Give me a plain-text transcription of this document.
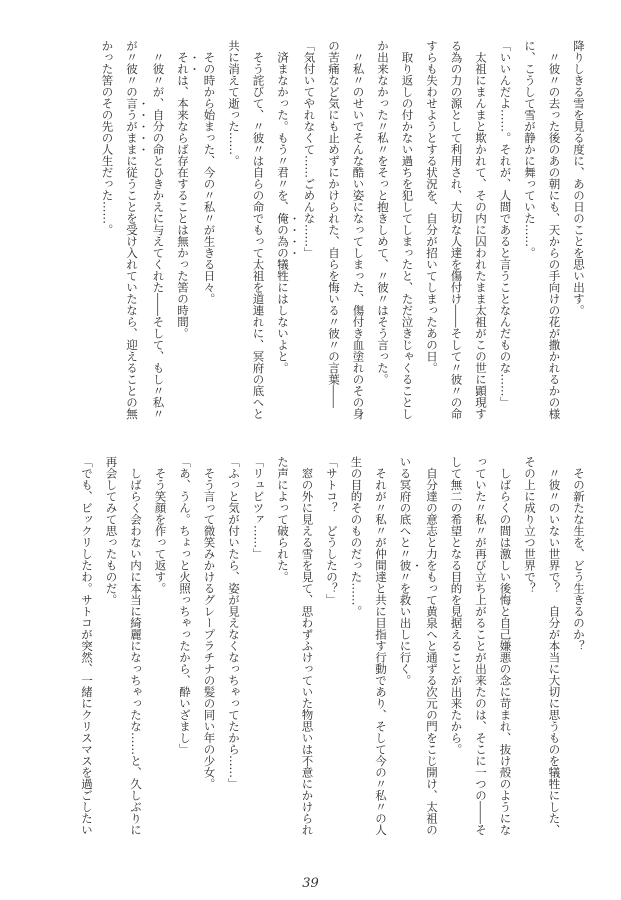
降りしきる雪を見る度に、あの日のことを思い出す。
　〃彼〃の去った後のあの朝にも、天からの手向けの花が撒かれるかの様
に、こうして雪が静かに舞っていた……。
「いいんだよ……。それが、人間であると言うことなんだものな……」
　太祖にまんまと欺かれて、その内に囚われたまま太祖がこの世に顕現す
る為の力の源として利用され、大切な人達を傷付け――そして〃彼〃の命
すらも失わせようとする状況を、自分が招いてしまったあの日。
　取り返しの付かない過ちを犯してしまったと、ただ泣きじゃくることし
か出来なかった〃私〃をそっと抱きしめて、〃彼〃はそう言った。
　〃私〃のせいでそんな酷い姿になってしまった、傷付き血塗れのその身
の苦痛など気にも止めずにかけられた、自らを悔いる〃彼〃の言葉――
「気付いてやれなくて……ごめんな……」
　済まなかった。もう〃君〃を、俺の為の犠牲にはしないよと。
　そう詫びて、〃彼〃は自らの命でもって太祖を道連れに、冥府の底へと
共に消えて逝った……。
　その時から始まった、今の〃私〃が生きる日々。
　それは、本来ならば存在することは無かった筈の時間。
　〃彼〃が、自分の命とひきかえに与えてくれた――そして、もし〃私〃
が〃彼〃の言うがままに従うことを受け入れていたなら、迎えることの無
かった筈のその先の人生だった……。
　その新たな生を、どう生きるのか？
　〃彼〃のいない世界で？　自分が本当に大切に思うものを犠牲にした、
その上に成り立つ世界で？
　しばらくの間は激しい後悔と自己嫌悪の念に苛まれ、抜け殻のようにな
っていた〃私〃が再び立ち上がることが出来たのは、そこに一つの――そ
して無二の希望となる目的を見据えることが出来たから。
　自分達の意志と力をもって黄泉へと通ずる次元の門をこじ開け、太祖の
いる冥府の底へと〃彼〃を救い出しに行く。
　それが〃私〃が仲間達と共に目指す行動であり、そして今の〃私〃の人
生の目的そのものだった……。
「サトコ？　どうしたの？」
　窓の外に見える雪を見て、思わずふけっていた物思いは不意にかけられ
た声によって破られた。
「リュピツァ……」
「ふっと気が付いたら、姿が見えなくなっちゃってたから……」
　そう言って微笑みかけるグレープラチナの髪の同い年の少女。
「あ、うん。ちょっと火照っちゃったから、酔いざまし」
　そう笑顔を作って返す。
　しばらく会わない内に本当に綺麗になっちゃったな……と、久しぶりに
再会してみて思ったものだ。
「でも、ビックリしたわ。サトコが突然、一緒にクリスマスを過ごしたい
39
